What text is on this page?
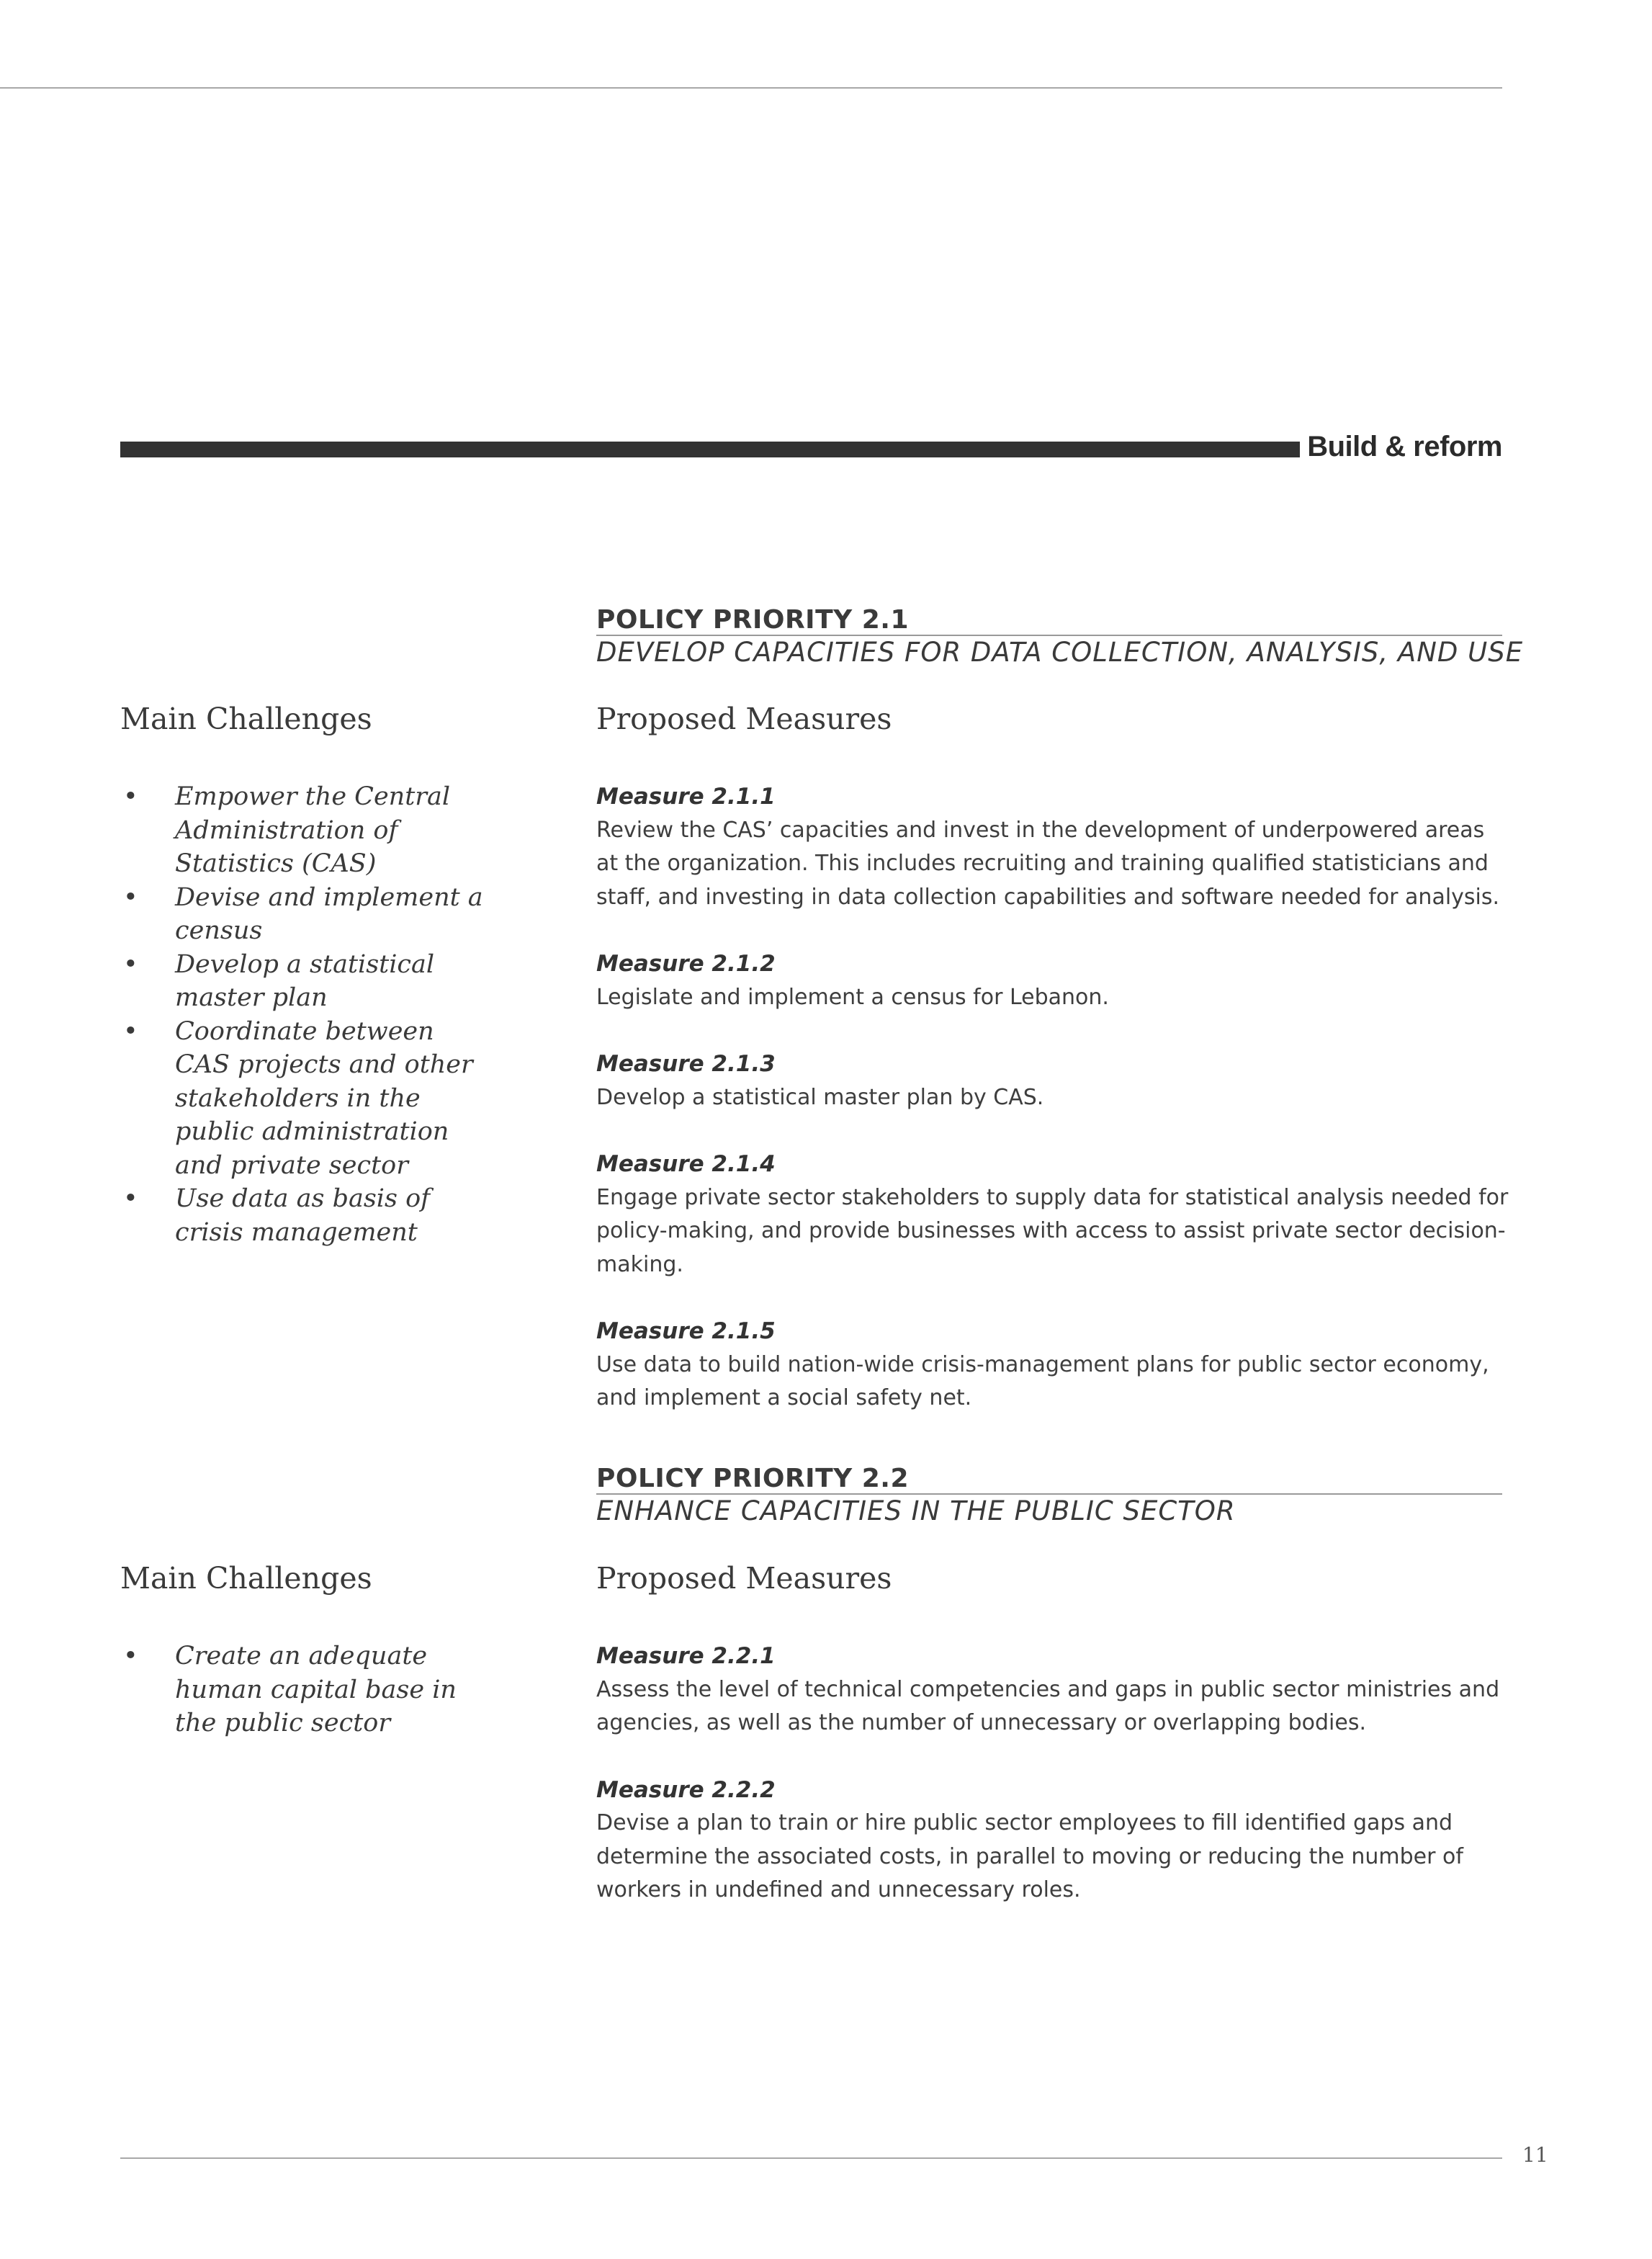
Build & reform
POLICY PRIORITY 2.1
DEVELOP CAPACITIES FOR DATA COLLECTION, ANALYSIS, AND USE
Main Challenges	Proposed Measures
• Empower the Central Administration of Statistics (CAS)
• Devise and implement a census
• Develop a statistical master plan
• Coordinate between CAS projects and other stakeholders in the public administration and private sector
• Use data as basis of crisis management
Measure 2.1.1
Review the CAS’ capacities and invest in the development of underpowered areas at the organization. This includes recruiting and training qualified statisticians and staff, and investing in data collection capabilities and software needed for analysis.
Measure 2.1.2
Legislate and implement a census for Lebanon.
Measure 2.1.3
Develop a statistical master plan by CAS.
Measure 2.1.4
Engage private sector stakeholders to supply data for statistical analysis needed for policy-making, and provide businesses with access to assist private sector decision-making.
Measure 2.1.5
Use data to build nation-wide crisis-management plans for public sector economy, and implement a social safety net.
POLICY PRIORITY 2.2
ENHANCE CAPACITIES IN THE PUBLIC SECTOR
Main Challenges	Proposed Measures
• Create an adequate human capital base in the public sector
Measure 2.2.1
Assess the level of technical competencies and gaps in public sector ministries and agencies, as well as the number of unnecessary or overlapping bodies.
Measure 2.2.2
Devise a plan to train or hire public sector employees to fill identified gaps and determine the associated costs, in parallel to moving or reducing the number of workers in undefined and unnecessary roles.
11
